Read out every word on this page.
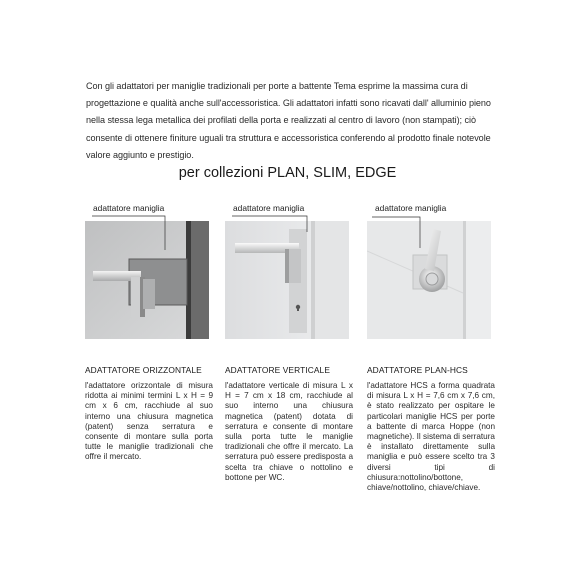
Con gli adattatori per maniglie tradizionali per porte a battente Tema esprime la massima cura di progettazione e qualità anche sull'accessoristica. Gli adattatori infatti sono ricavati dall' alluminio pieno nella stessa lega metallica dei profilati della porta e realizzati al centro di lavoro (non stampati); ciò consente di ottenere finiture uguali tra struttura e accessoristica conferendo al prodotto finale notevole valore aggiunto e prestigio.
per collezioni PLAN, SLIM, EDGE
adattatore maniglia
ADATTATORE ORIZZONTALE
l'adattatore orizzontale di misura ridotta ai minimi termini L x H = 9 cm x 6 cm, racchiude al suo interno una chiusura magnetica (patent) senza serratura e consente di montare sulla porta tutte le maniglie tradizionali che offre il mercato.
adattatore maniglia
ADATTATORE VERTICALE
l'adattatore verticale di misura L x H = 7 cm x 18 cm, racchiude al suo interno una chiusura magnetica (patent) dotata di serratura e consente di montare sulla porta tutte le maniglie tradizionali che offre il mercato. La serratura può essere predisposta a scelta tra chiave o nottolino e bottone per WC.
adattatore maniglia
ADATTATORE PLAN-HCS
l'adattatore HCS a forma quadrata di misura L x H = 7,6 cm x 7,6 cm, è stato realizzato per ospitare le particolari maniglie HCS per porte a battente di marca Hoppe (non magnetiche). Il sistema di serratura è installato direttamente sulla maniglia e può essere scelto tra 3 diversi tipi di chiusura:nottolino/bottone, chiave/nottolino, chiave/chiave.
